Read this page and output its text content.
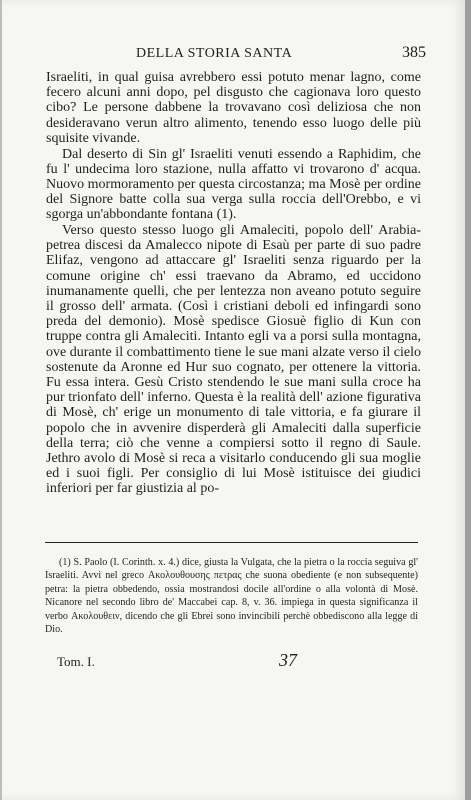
DELLA STORIA SANTA	385

Israeliti, in qual guisa avrebbero essi potuto menar lagno, come fecero alcuni anni dopo, pel disgusto che cagionava loro questo cibo? Le persone dabbene la trovavano così deliziosa che non desideravano verun altro alimento, tenendo esso luogo delle più squisite vivande.

Dal deserto di Sin gl' Israeliti venuti essendo a Raphidim, che fu l' undecima loro stazione, nulla affatto vi trovarono d' acqua. Nuovo mormoramento per questa circostanza; ma Mosè per ordine del Signore batte colla sua verga sulla roccia dell'Orebbo, e vi sgorga un'abbondante fontana (1).

Verso questo stesso luogo gli Amaleciti, popolo dell' Arabia-petrea discesi da Amalecco nipote di Esaù per parte di suo padre Elifaz, vengono ad attaccare gl' Israeliti senza riguardo per la comune origine ch' essi traevano da Abramo, ed uccidono inumanamente quelli, che per lentezza non aveano potuto seguire il grosso dell' armata. (Così i cristiani deboli ed infingardi sono preda del demonio). Mosè spedisce Giosuè figlio di Kun con truppe contra gli Amaleciti. Intanto egli va a porsi sulla montagna, ove durante il combattimento tiene le sue mani alzate verso il cielo sostenute da Aronne ed Hur suo cognato, per ottenere la vittoria. Fu essa intera. Gesù Cristo stendendo le sue mani sulla croce ha pur trionfato dell' inferno. Questa è la realità dell' azione figurativa di Mosè, ch' erige un monumento di tale vittoria, e fa giurare il popolo che in avvenire disperderà gli Amaleciti dalla superficie della terra; ciò che venne a compiersi sotto il regno di Saule. Jethro avolo di Mosè si reca a visitarlo conducendo gli sua moglie ed i suoi figli. Per consiglio di lui Mosè istituisce dei giudici inferiori per far giustizia al po-

(1) S. Paolo (I. Corinth. x. 4.) dice, giusta la Vulgata, che la pietra o la roccia seguiva gl' Israeliti. Avvi nel greco Ακολουθουσης πετρας che suona obediente (e non subsequente) petra: la pietra obbedendo, ossia mostrandosi docile all'ordine o alla volontà di Mosè. Nicanore nel secondo libro de' Maccabei cap. 8, v. 36. impiega in questa significanza il verbo Ακολουθειν, dicendo che gli Ebrei sono invincibili perchè obbediscono alla legge di Dio.

Tom. I.	37
